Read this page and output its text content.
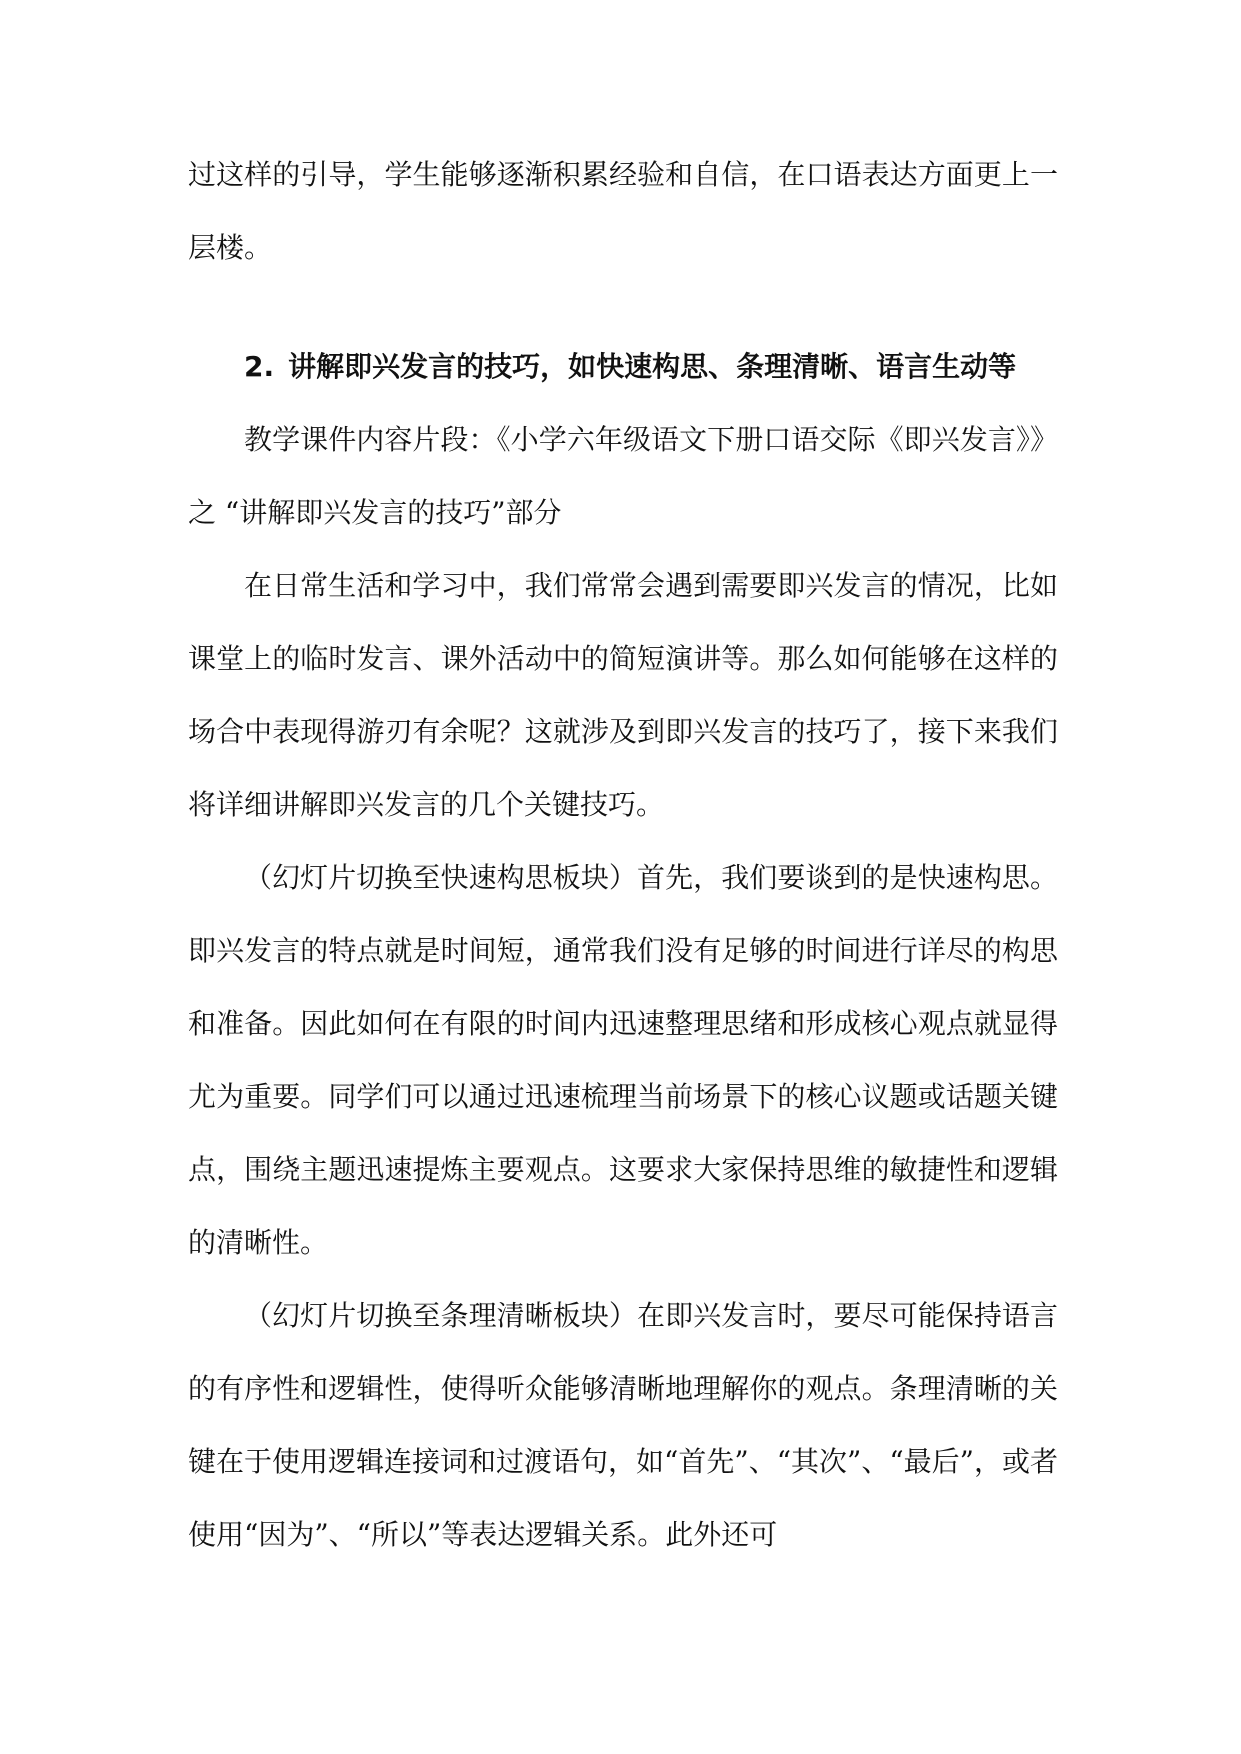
过这样的引导，学生能够逐渐积累经验和自信，在口语表达方面更上一层楼。

2. 讲解即兴发言的技巧，如快速构思、条理清晰、语言生动等

教学课件内容片段：《小学六年级语文下册口语交际《即兴发言》》之 “讲解即兴发言的技巧”部分

在日常生活和学习中，我们常常会遇到需要即兴发言的情况，比如课堂上的临时发言、课外活动中的简短演讲等。那么如何能够在这样的场合中表现得游刃有余呢？这就涉及到即兴发言的技巧了，接下来我们将详细讲解即兴发言的几个关键技巧。

（幻灯片切换至快速构思板块）首先，我们要谈到的是快速构思。即兴发言的特点就是时间短，通常我们没有足够的时间进行详尽的构思和准备。因此如何在有限的时间内迅速整理思绪和形成核心观点就显得尤为重要。同学们可以通过迅速梳理当前场景下的核心议题或话题关键点，围绕主题迅速提炼主要观点。这要求大家保持思维的敏捷性和逻辑的清晰性。

（幻灯片切换至条理清晰板块）在即兴发言时，要尽可能保持语言的有序性和逻辑性，使得听众能够清晰地理解你的观点。条理清晰的关键在于使用逻辑连接词和过渡语句，如“首先”、“其次”、“最后”，或者使用“因为”、“所以”等表达逻辑关系。此外还可
